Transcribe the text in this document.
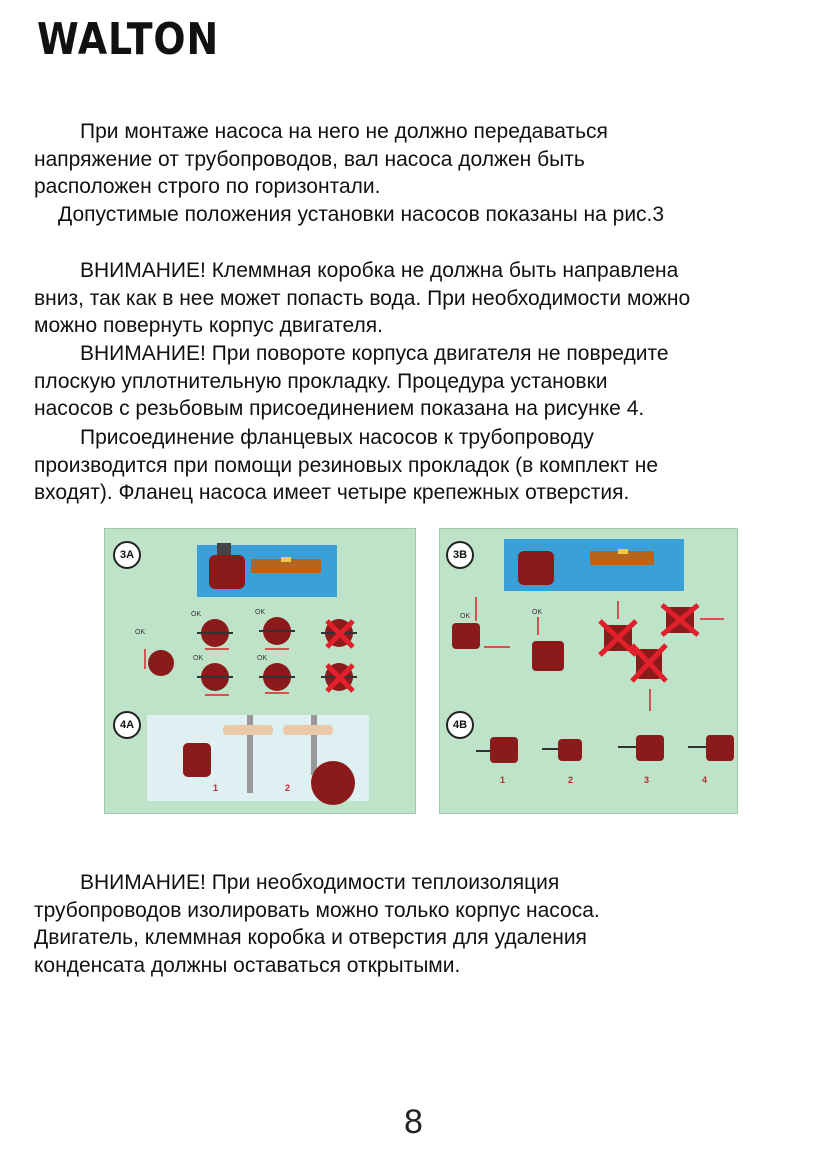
WALTON

При монтаже насоса на него не должно передаваться
напряжение от трубопроводов, вал насоса должен быть
расположен строго по горизонтали.
Допустимые положения установки насосов показаны на рис.3

ВНИМАНИЕ! Клеммная коробка не должна быть направлена
вниз, так как в нее может попасть вода. При необходимости можно
можно повернуть корпус двигателя.

ВНИМАНИЕ! При повороте корпуса двигателя не повредите
плоскую уплотнительную прокладку. Процедура установки
насосов с резьбовым присоединением показана на рисунке 4.

Присоединение фланцевых насосов к трубопроводу
производится при помощи резиновых прокладок (в комплект не
входят). Фланец насоса имеет четыре крепежных отверстия.

3A
4A
OK
OK	OK
OK	OK
1	2
3B
4B
OK
OK
1	2	3	4

ВНИМАНИЕ! При необходимости теплоизоляция
трубопроводов изолировать можно только корпус насоса.
Двигатель, клеммная коробка и отверстия для удаления
конденсата должны оставаться открытыми.

8
